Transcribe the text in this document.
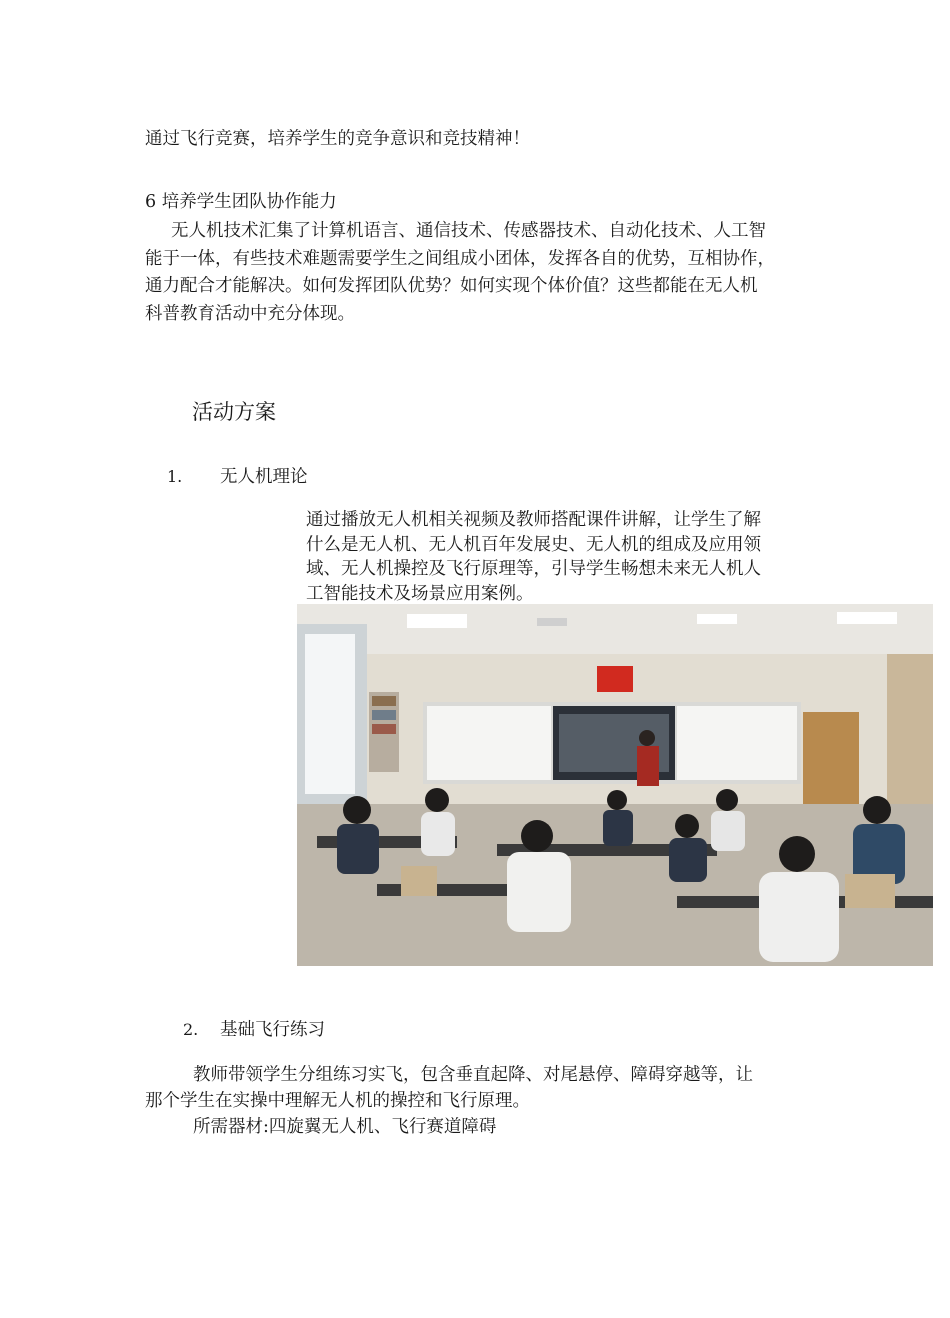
通过飞行竞赛，培养学生的竞争意识和竞技精神！
6 培养学生团队协作能力
无人机技术汇集了计算机语言、通信技术、传感器技术、自动化技术、人工智
能于一体，有些技术难题需要学生之间组成小团体，发挥各自的优势，互相协作，
通力配合才能解决。如何发挥团队优势？如何实现个体价值？这些都能在无人机
科普教育活动中充分体现。
活动方案
1. 无人机理论
通过播放无人机相关视频及教师搭配课件讲解，让学生了解
什么是无人机、无人机百年发展史、无人机的组成及应用领
域、无人机操控及飞行原理等，引导学生畅想未来无人机人
工智能技术及场景应用案例。
2. 基础飞行练习
教师带领学生分组练习实飞，包含垂直起降、对尾悬停、障碍穿越等，让
那个学生在实操中理解无人机的操控和飞行原理。
所需器材:四旋翼无人机、飞行赛道障碍
